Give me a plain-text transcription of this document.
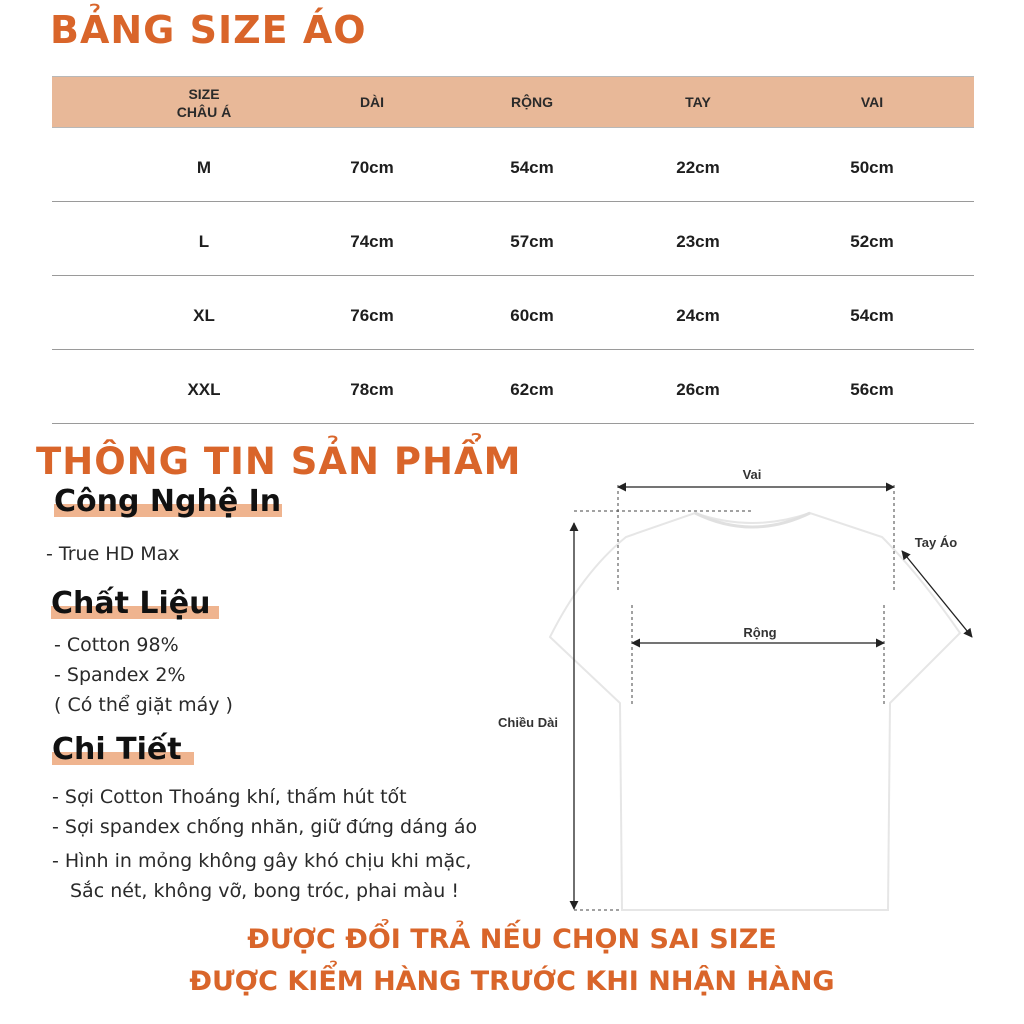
BẢNG SIZE ÁO
SIZE
CHÂU Á
DÀI	RỘNG	TAY	VAI
M	70cm	54cm	22cm	50cm
L	74cm	57cm	23cm	52cm
XL	76cm	60cm	24cm	54cm
XXL	78cm	62cm	26cm	56cm
THÔNG TIN SẢN PHẨM
Công Nghệ In
- True HD Max
Chất Liệu
- Cotton 98%
- Spandex 2%
( Có thể giặt máy )
Chi Tiết
- Sợi Cotton Thoáng khí, thấm hút tốt
- Sợi spandex chống nhăn, giữ đứng dáng áo
- Hình in mỏng không gây khó chịu khi mặc,
Sắc nét, không vỡ, bong tróc, phai màu !
Vai
Tay Áo
Rộng
Chiều Dài
ĐƯỢC ĐỔI TRẢ NẾU CHỌN SAI SIZE
ĐƯỢC KIỂM HÀNG TRƯỚC KHI NHẬN HÀNG
